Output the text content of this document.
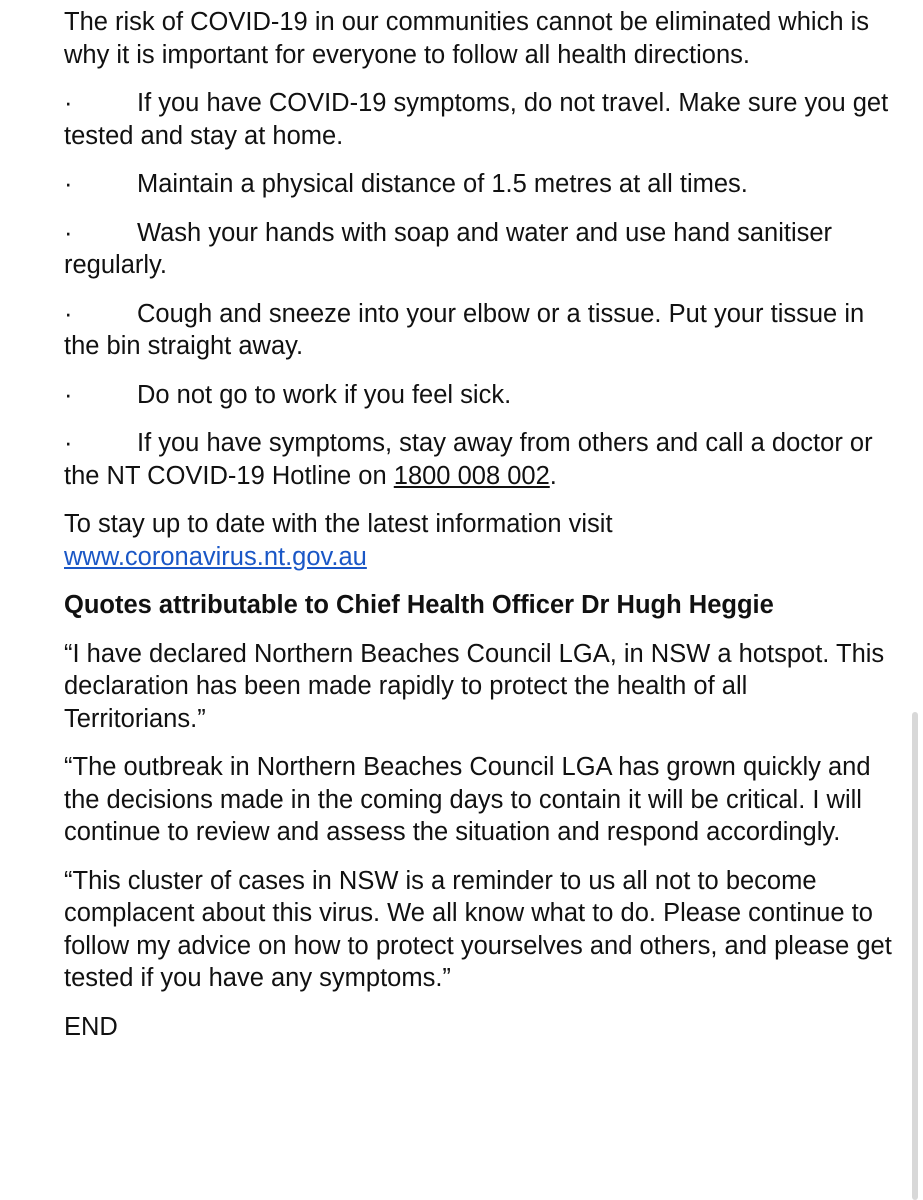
The risk of COVID-19 in our communities cannot be eliminated which is why it is important for everyone to follow all health directions.

·	If you have COVID-19 symptoms, do not travel. Make sure you get tested and stay at home.

·	Maintain a physical distance of 1.5 metres at all times.

·	Wash your hands with soap and water and use hand sanitiser regularly.

·	Cough and sneeze into your elbow or a tissue. Put your tissue in the bin straight away.

·	Do not go to work if you feel sick.

·	If you have symptoms, stay away from others and call a doctor or the NT COVID-19 Hotline on 1800 008 002.

To stay up to date with the latest information visit
www.coronavirus.nt.gov.au

Quotes attributable to Chief Health Officer Dr Hugh Heggie

“I have declared Northern Beaches Council LGA, in NSW a hotspot. This declaration has been made rapidly to protect the health of all Territorians.”

“The outbreak in Northern Beaches Council LGA has grown quickly and the decisions made in the coming days to contain it will be critical. I will continue to review and assess the situation and respond accordingly.

“This cluster of cases in NSW is a reminder to us all not to become complacent about this virus. We all know what to do. Please continue to follow my advice on how to protect yourselves and others, and please get tested if you have any symptoms.”

END
